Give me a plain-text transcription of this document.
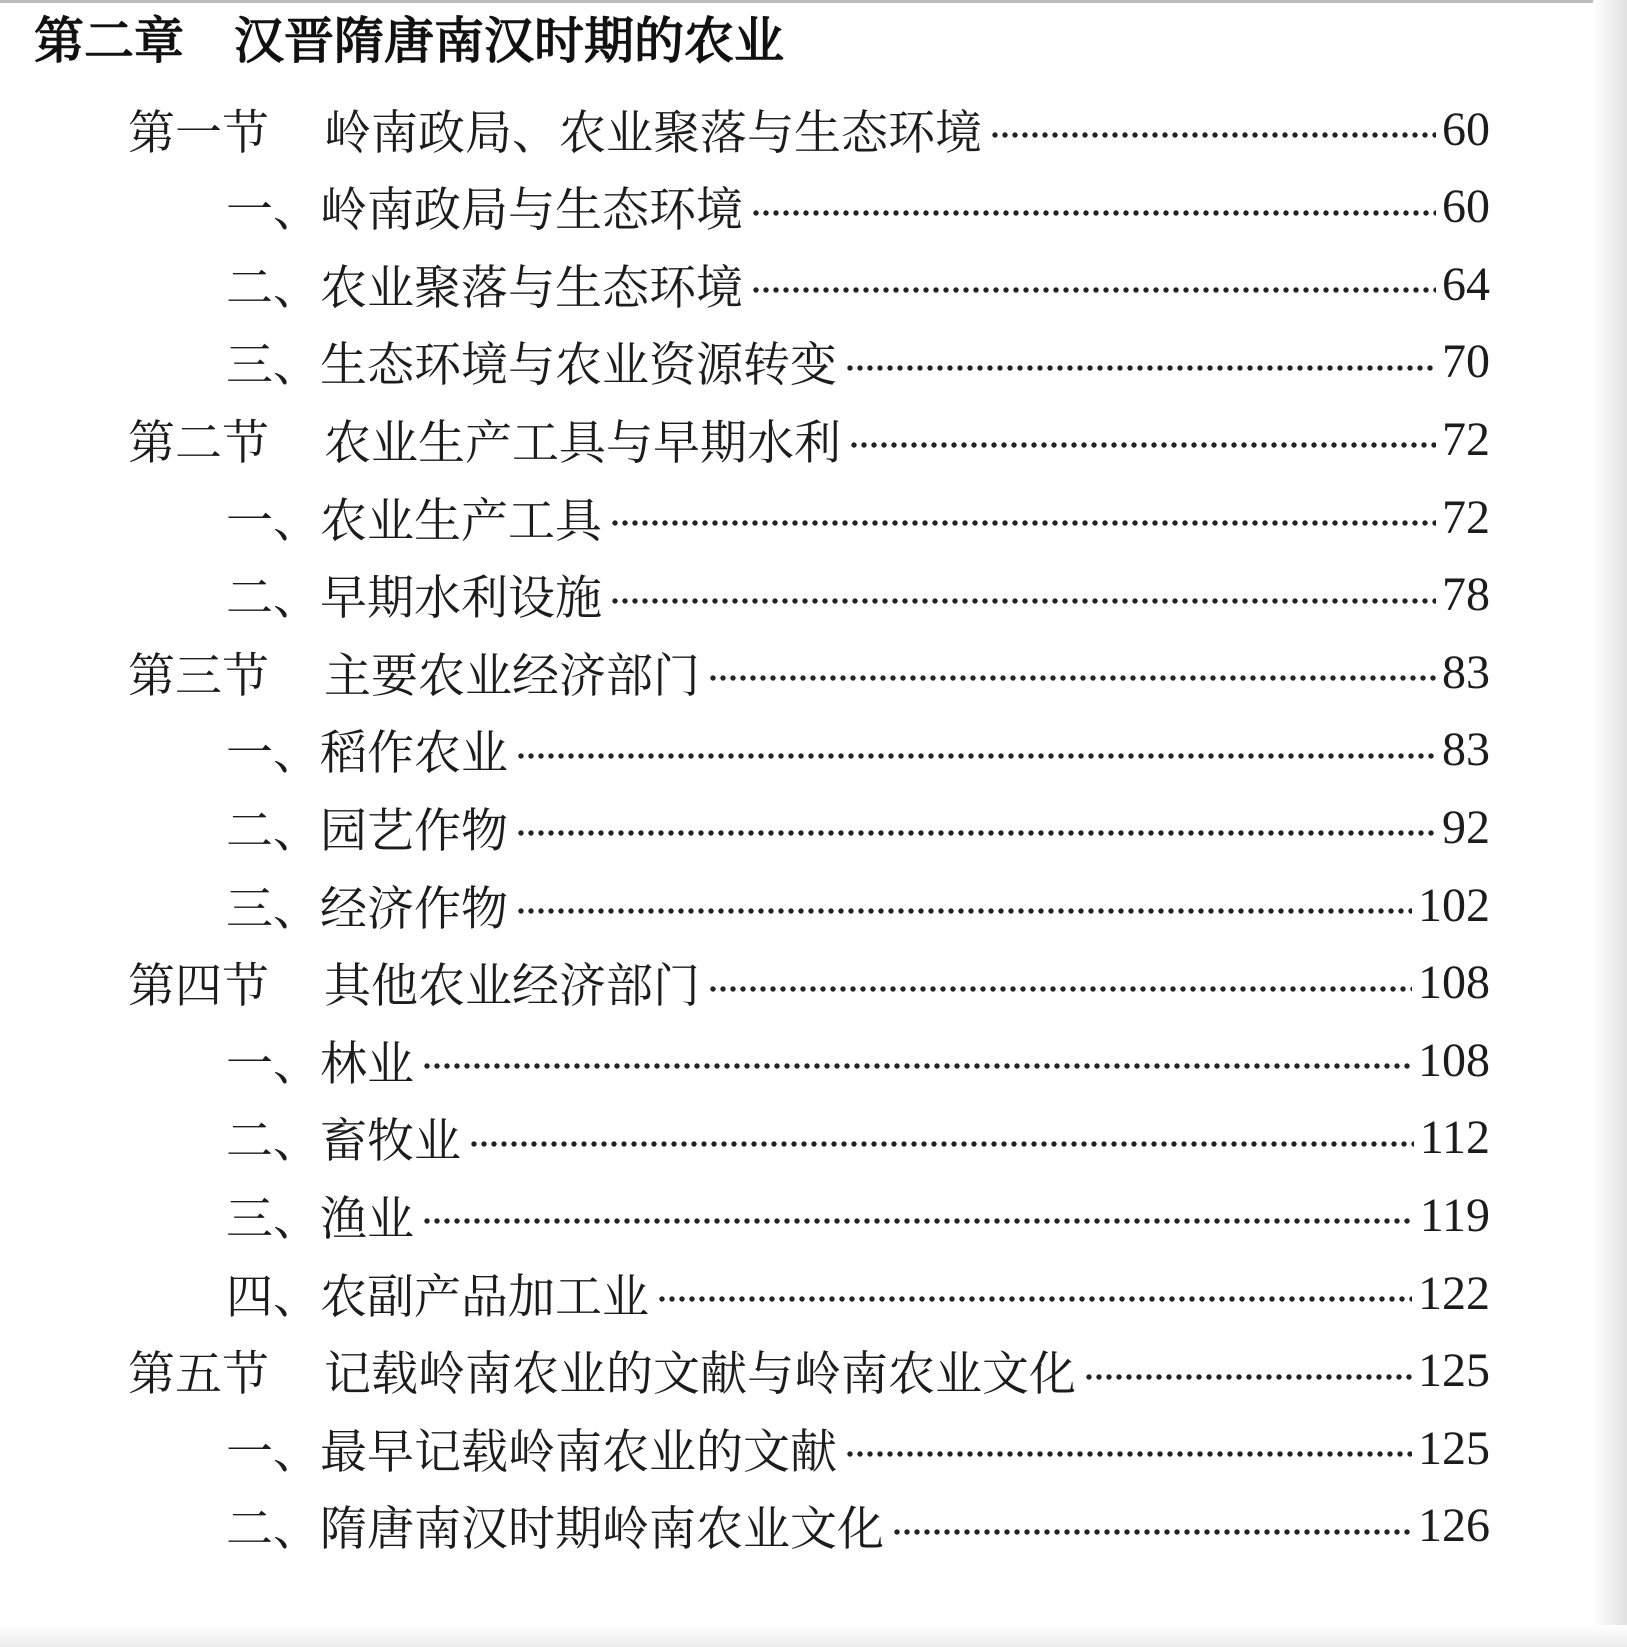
第二章 汉晋隋唐南汉时期的农业
第一节 岭南政局、农业聚落与生态环境	60
一、岭南政局与生态环境	60
二、农业聚落与生态环境	64
三、生态环境与农业资源转变	70
第二节 农业生产工具与早期水利	72
一、农业生产工具	72
二、早期水利设施	78
第三节 主要农业经济部门	83
一、稻作农业	83
二、园艺作物	92
三、经济作物	102
第四节 其他农业经济部门	108
一、林业	108
二、畜牧业	112
三、渔业	119
四、农副产品加工业	122
第五节 记载岭南农业的文献与岭南农业文化	125
一、最早记载岭南农业的文献	125
二、隋唐南汉时期岭南农业文化	126
